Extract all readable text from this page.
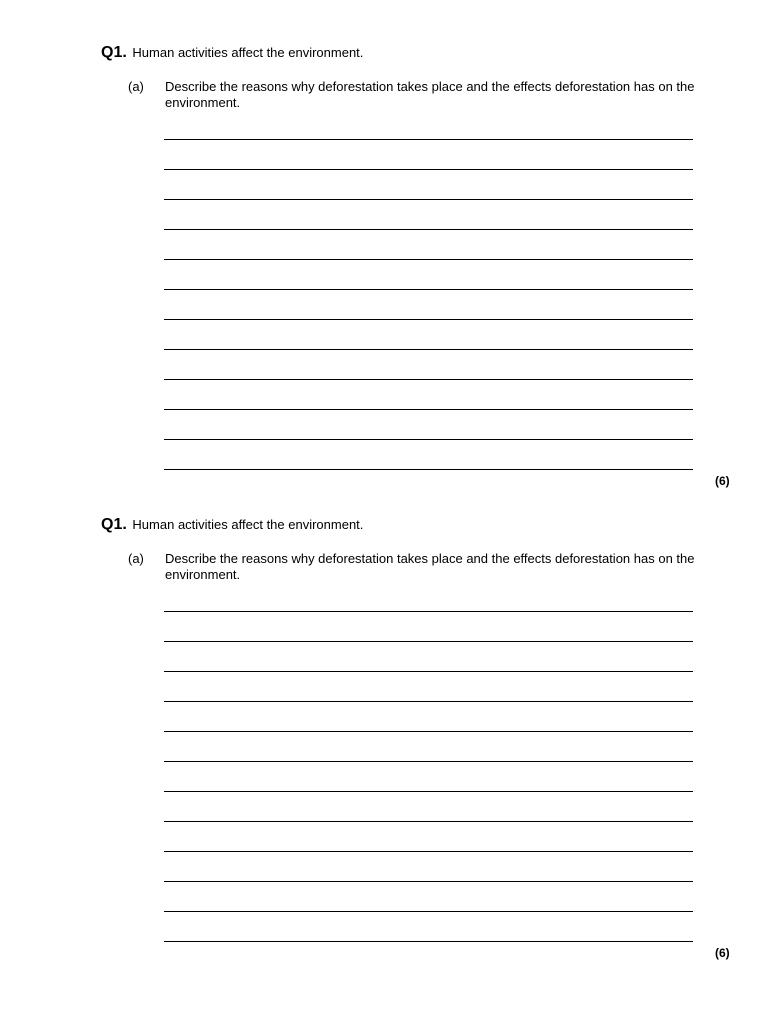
Q1. Human activities affect the environment.
(a) Describe the reasons why deforestation takes place and the effects deforestation has on the environment.
(6)
Q1. Human activities affect the environment.
(a) Describe the reasons why deforestation takes place and the effects deforestation has on the environment.
(6)
